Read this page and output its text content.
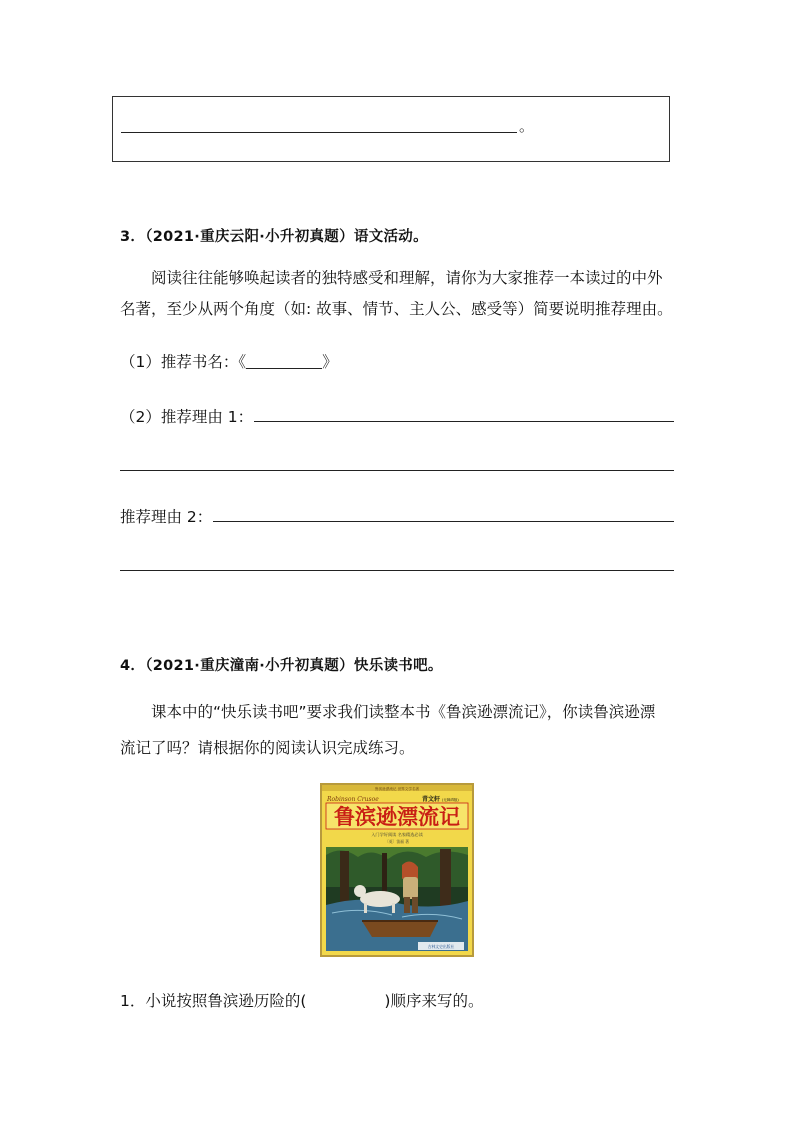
。
3．（2021·重庆云阳·小升初真题）语文活动。
阅读往往能够唤起读者的独特感受和理解，请你为大家推荐一本读过的中外
名著，至少从两个角度（如: 故事、情节、主人公、感受等）简要说明推荐理由。
（1）推荐书名：《	》
（2）推荐理由 1：
推荐理由 2：
4．（2021·重庆潼南·小升初真题）快乐读书吧。
课本中的“快乐读书吧”要求我们读整本书《鲁滨逊漂流记》，你读鲁滨逊漂
流记了吗？请根据你的阅读认识完成练习。
鲁滨逊漂流记 世界文学名著
Robinson Crusoe	青文轩 (无障碍版)
鲁滨逊漂流记
入门学好阅读 名家精选必读
〔英〕笛福 著
吉林文史出版社
1．小说按照鲁滨逊历险的(	)顺序来写的。
